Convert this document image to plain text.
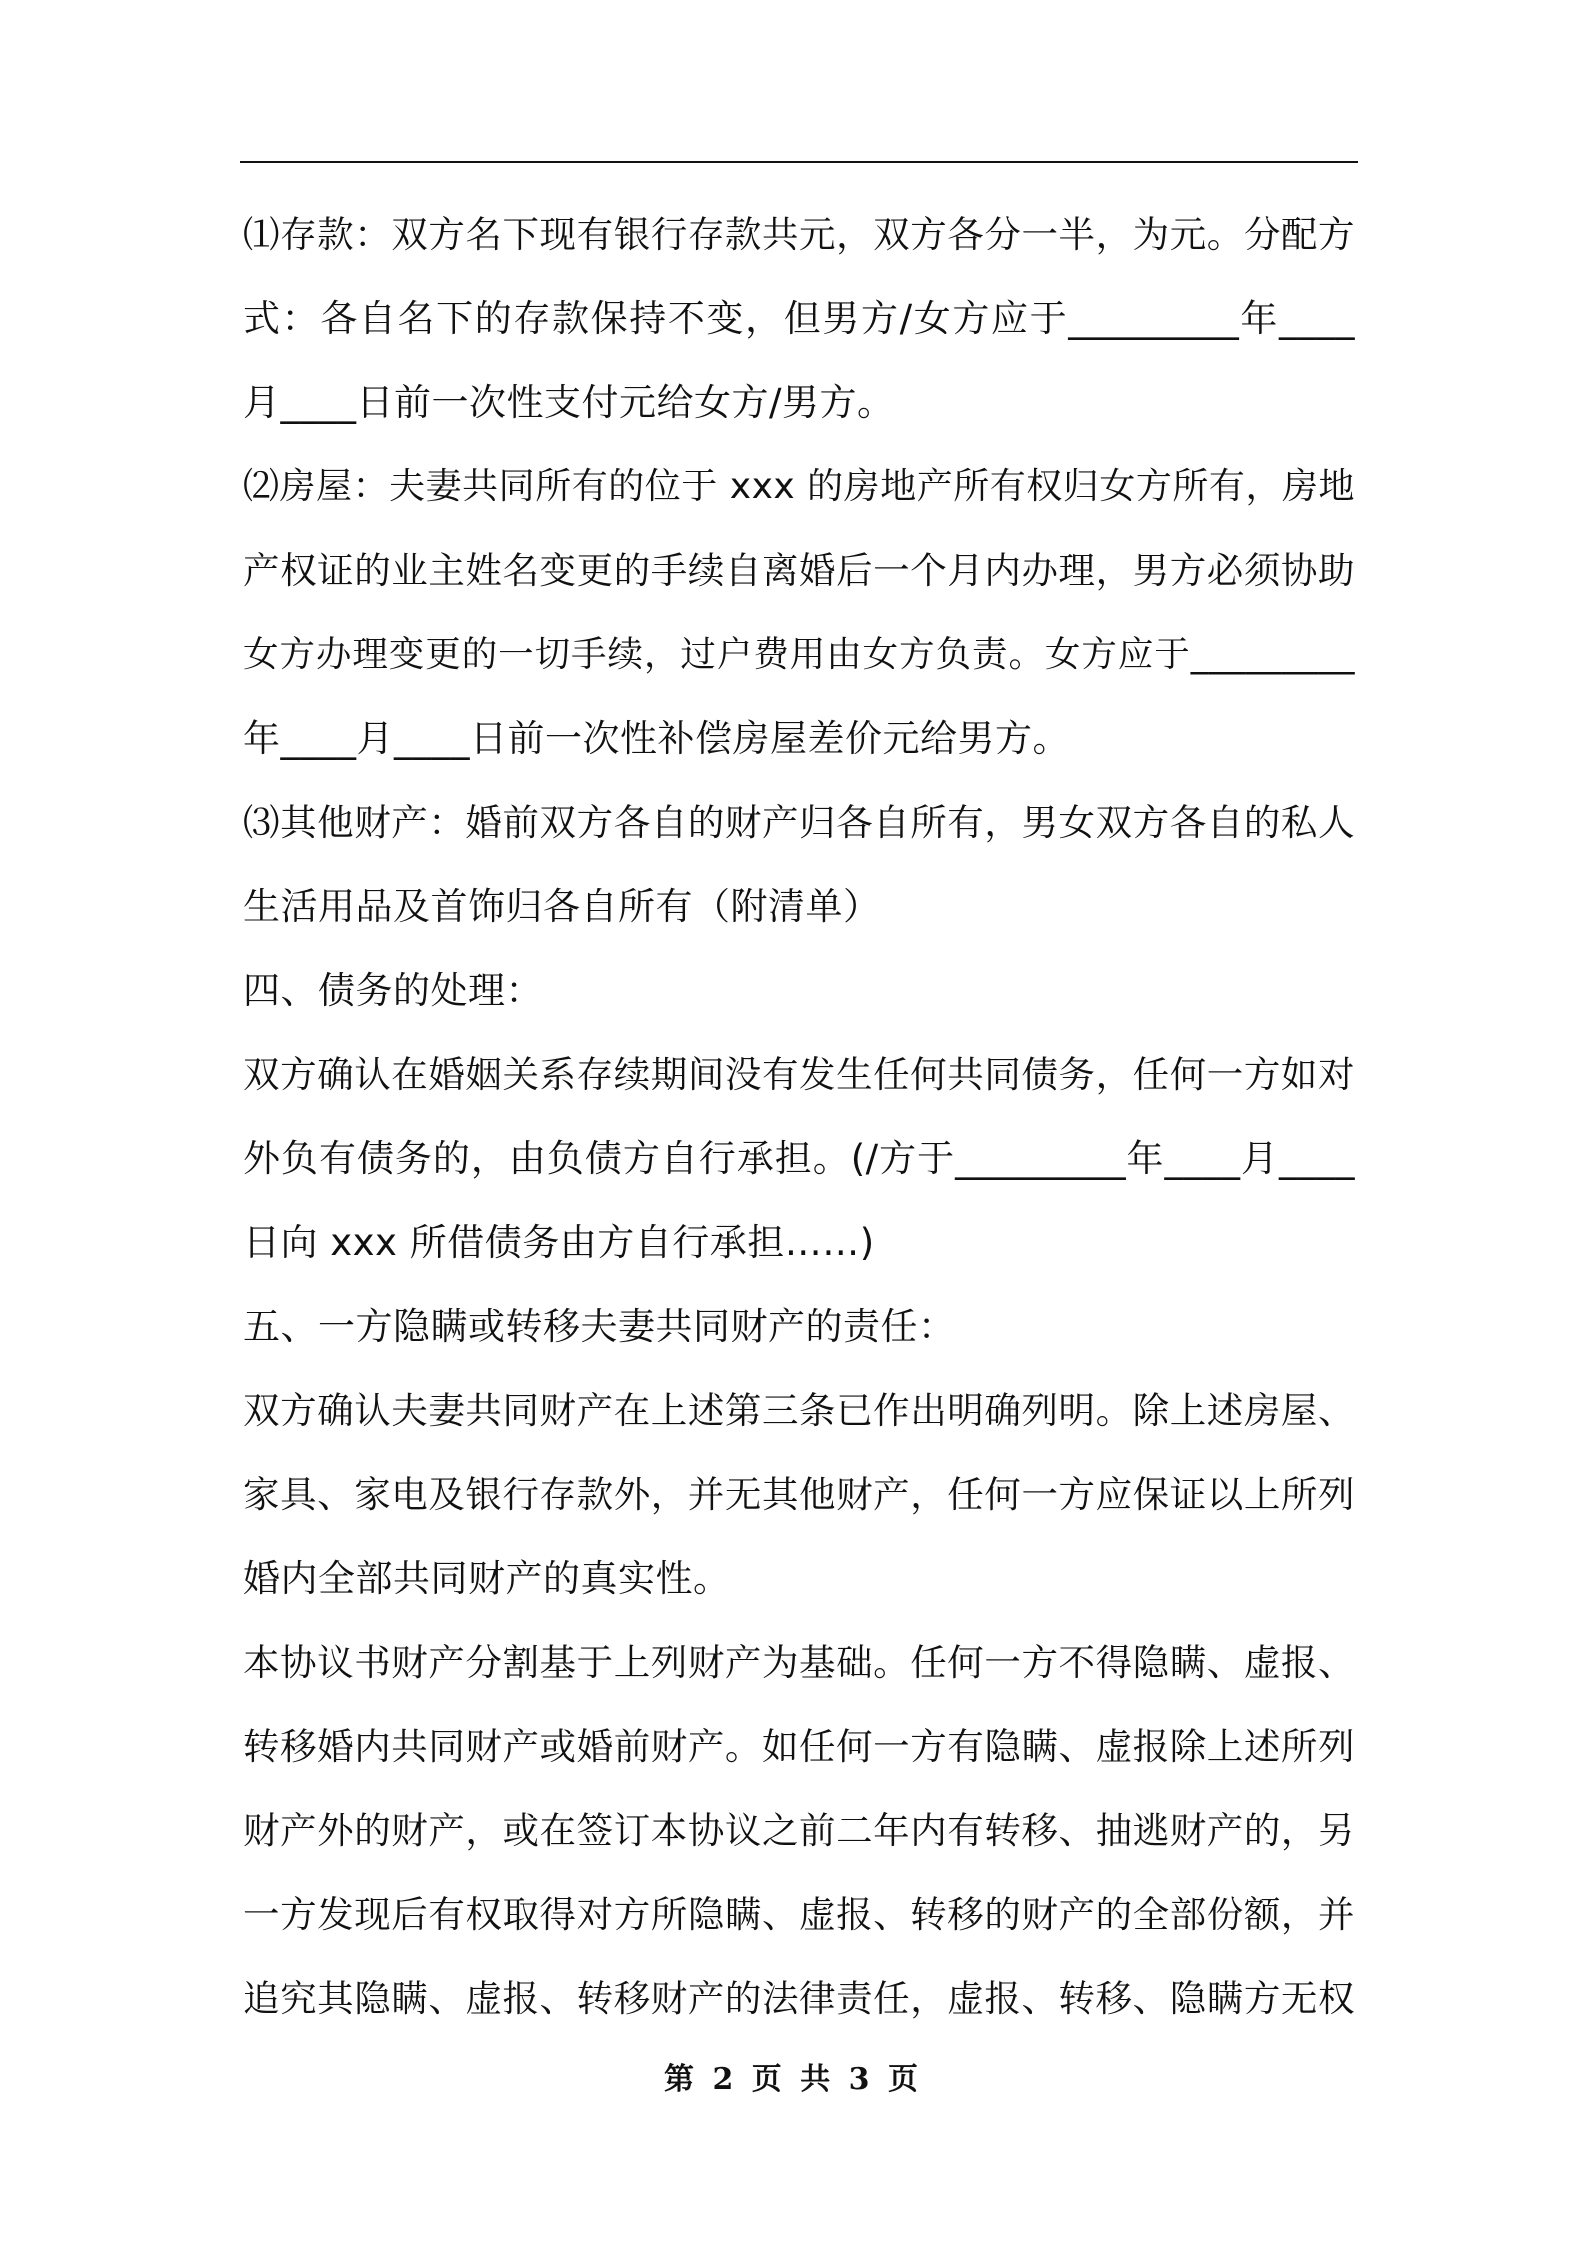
⑴存款：双方名下现有银行存款共元，双方各分一半，为元。分配方
式：各自名下的存款保持不变，但男方/女方应于_________年____
月____日前一次性支付元给女方/男方。
⑵房屋：夫妻共同所有的位于 xxx 的房地产所有权归女方所有，房地
产权证的业主姓名变更的手续自离婚后一个月内办理，男方必须协助
女方办理变更的一切手续，过户费用由女方负责。女方应于_________
年____月____日前一次性补偿房屋差价元给男方。
⑶其他财产：婚前双方各自的财产归各自所有，男女双方各自的私人
生活用品及首饰归各自所有（附清单）
四、债务的处理：
双方确认在婚姻关系存续期间没有发生任何共同债务，任何一方如对
外负有债务的，由负债方自行承担。(/方于_________年____月____
日向 xxx 所借债务由方自行承担……)
五、一方隐瞒或转移夫妻共同财产的责任：
双方确认夫妻共同财产在上述第三条已作出明确列明。除上述房屋、
家具、家电及银行存款外，并无其他财产，任何一方应保证以上所列
婚内全部共同财产的真实性。
本协议书财产分割基于上列财产为基础。任何一方不得隐瞒、虚报、
转移婚内共同财产或婚前财产。如任何一方有隐瞒、虚报除上述所列
财产外的财产，或在签订本协议之前二年内有转移、抽逃财产的，另
一方发现后有权取得对方所隐瞒、虚报、转移的财产的全部份额，并
追究其隐瞒、虚报、转移财产的法律责任，虚报、转移、隐瞒方无权
第 2 页 共 3 页
